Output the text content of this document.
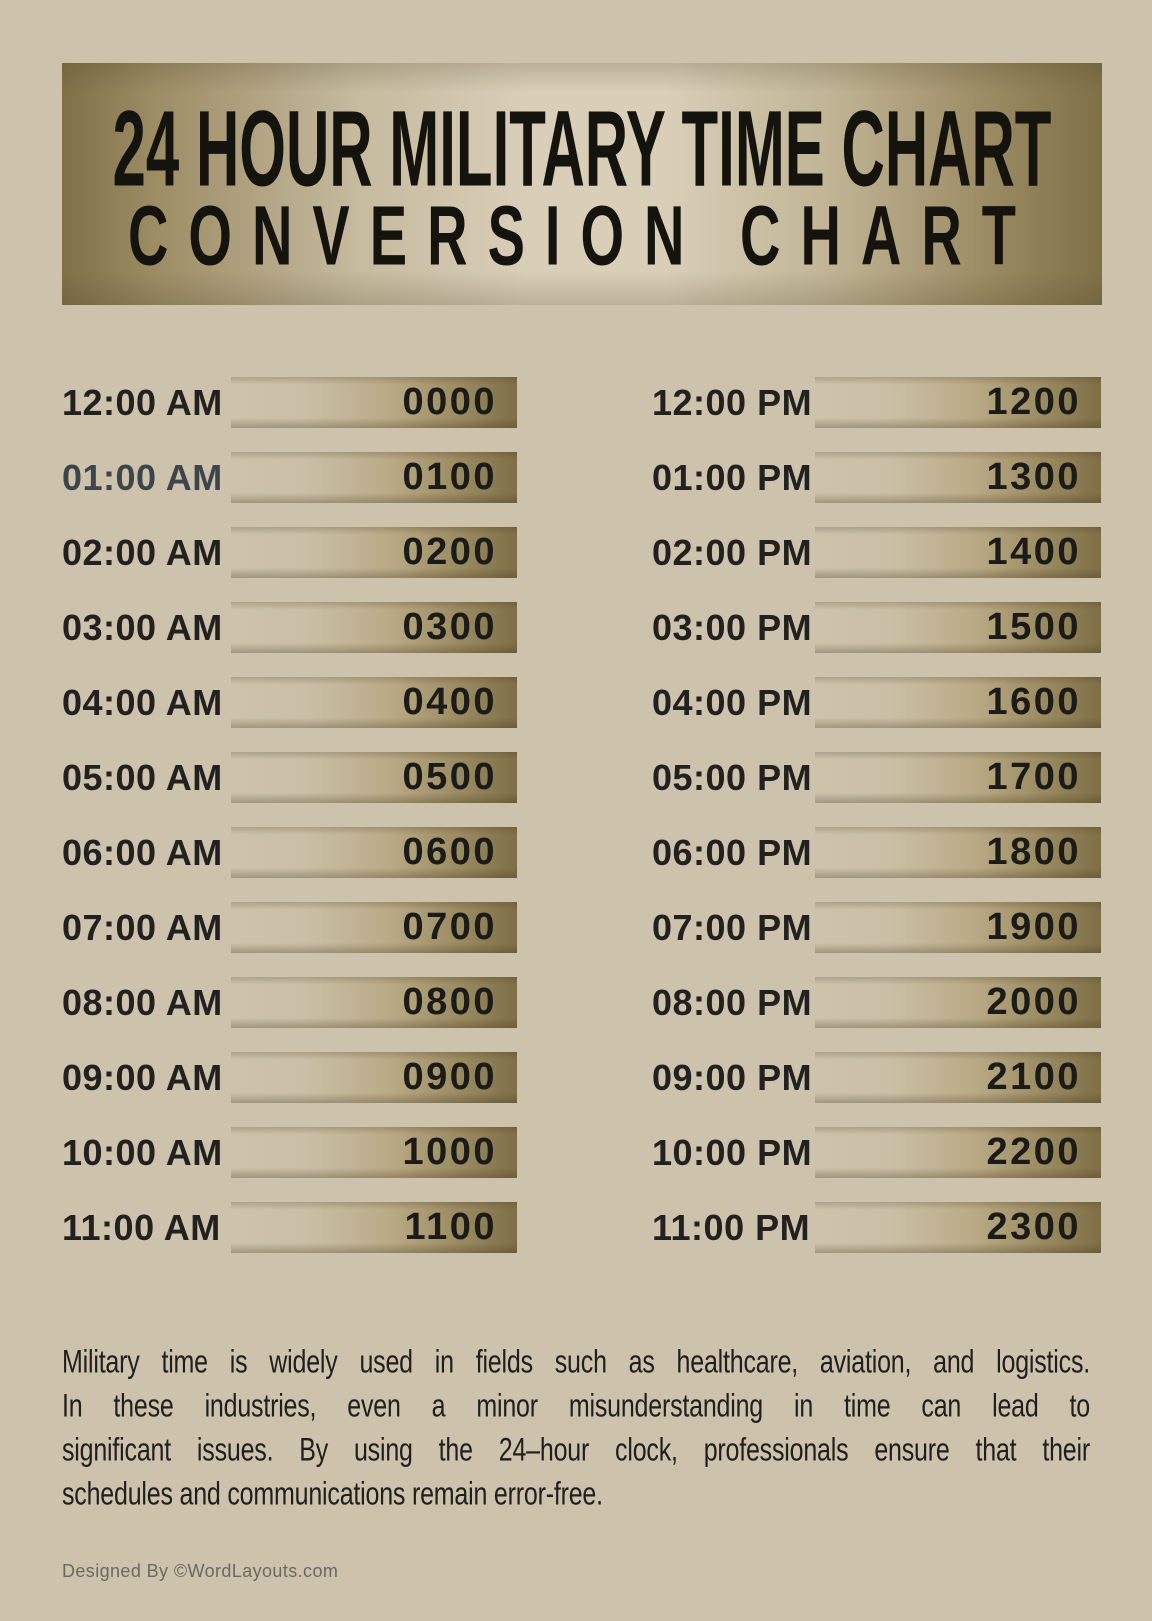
24 HOUR MILITARY TIME CHART
CONVERSION CHART
12:00 AM	0000
01:00 AM	0100
02:00 AM	0200
03:00 AM	0300
04:00 AM	0400
05:00 AM	0500
06:00 AM	0600
07:00 AM	0700
08:00 AM	0800
09:00 AM	0900
10:00 AM	1000
11:00 AM	1100
12:00 PM	1200
01:00 PM	1300
02:00 PM	1400
03:00 PM	1500
04:00 PM	1600
05:00 PM	1700
06:00 PM	1800
07:00 PM	1900
08:00 PM	2000
09:00 PM	2100
10:00 PM	2200
11:00 PM	2300
Military time is widely used in fields such as healthcare, aviation, and logistics.
In these industries, even a minor misunderstanding in time can lead to
significant issues. By using the 24–hour clock, professionals ensure that their
schedules and communications remain error-free.
Designed By ©WordLayouts.com
